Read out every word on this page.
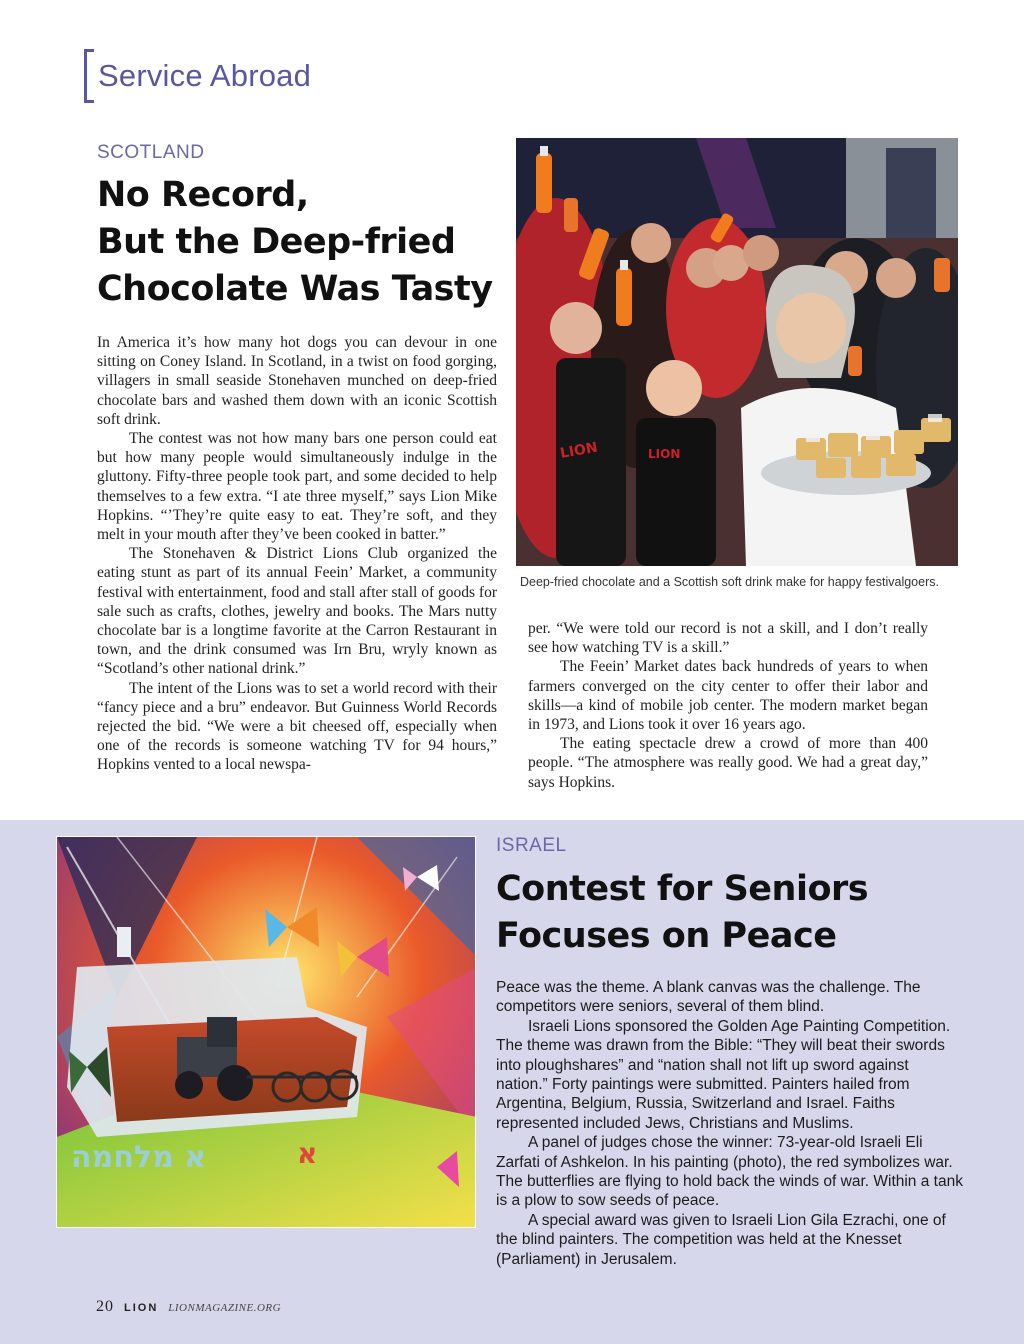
Service Abroad
SCOTLAND
No Record,
But the Deep-fried
Chocolate Was Tasty

In America it’s how many hot dogs you can devour in one sitting on Coney Island. In Scotland, in a twist on food gorging, villagers in small seaside Stonehaven munched on deep-fried chocolate bars and washed them down with an iconic Scottish soft drink.

The contest was not how many bars one person could eat but how many people would simultaneously indulge in the gluttony. Fifty-three people took part, and some decided to help themselves to a few extra. “I ate three myself,” says Lion Mike Hopkins. “’They’re quite easy to eat. They’re soft, and they melt in your mouth after they’ve been cooked in batter.”

The Stonehaven & District Lions Club organized the eating stunt as part of its annual Feein’ Market, a community festival with entertainment, food and stall after stall of goods for sale such as crafts, clothes, jewelry and books. The Mars nutty chocolate bar is a longtime favorite at the Carron Restaurant in town, and the drink consumed was Irn Bru, wryly known as “Scotland’s other national drink.”

The intent of the Lions was to set a world record with their “fancy piece and a bru” endeavor. But Guinness World Records rejected the bid. “We were a bit cheesed off, especially when one of the records is someone watching TV for 94 hours,” Hopkins vented to a local newspa-

LION	LION
Deep-fried chocolate and a Scottish soft drink make for happy festivalgoers.

per. “We were told our record is not a skill, and I don’t really see how watching TV is a skill.”

The Feein’ Market dates back hundreds of years to when farmers converged on the city center to offer their labor and skills—a kind of mobile job center. The modern market began in 1973, and Lions took it over 16 years ago.

The eating spectacle drew a crowd of more than 400 people. “The atmosphere was really good. We had a great day,” says Hopkins.

א מלחמה	א
ISRAEL
Contest for Seniors
Focuses on Peace

Peace was the theme. A blank canvas was the challenge. The competitors were seniors, several of them blind.

Israeli Lions sponsored the Golden Age Painting Competition. The theme was drawn from the Bible: “They will beat their swords into ploughshares” and “nation shall not lift up sword against nation.” Forty paintings were submitted. Painters hailed from Argentina, Belgium, Russia, Switzerland and Israel. Faiths represented included Jews, Christians and Muslims.

A panel of judges chose the winner: 73-year-old Israeli Eli Zarfati of Ashkelon. In his painting (photo), the red symbolizes war. The butterflies are flying to hold back the winds of war. Within a tank is a plow to sow seeds of peace.

A special award was given to Israeli Lion Gila Ezrachi, one of the blind painters. The competition was held at the Knesset (Parliament) in Jerusalem.

20 LION LIONMAGAZINE.ORG
